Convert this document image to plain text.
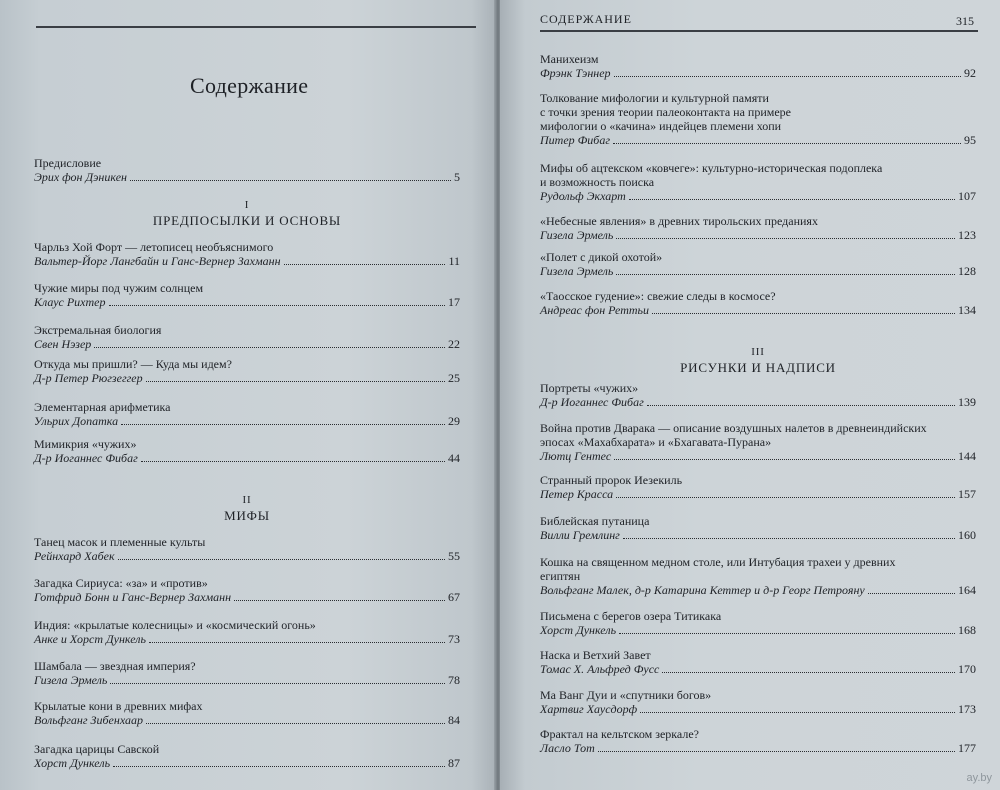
Содержание
Предисловие
Эрих фон Дэникен	5
I
ПРЕДПОСЫЛКИ И ОСНОВЫ
Чарльз Хой Форт — летописец необъяснимого
Вальтер-Йорг Лангбайн и Ганс-Вернер Захманн	11
Чужие миры под чужим солнцем
Клаус Рихтер	17
Экстремальная биология
Свен Нэзер	22
Откуда мы пришли? — Куда мы идем?
Д-р Петер Рюгзеггер	25
Элементарная арифметика
Ульрих Допатка	29
Мимикрия «чужих»
Д-р Иоганнес Фибаг	44
II
МИФЫ
Танец масок и племенные культы
Рейнхард Хабек	55
Загадка Сириуса: «за» и «против»
Готфрид Бонн и Ганс-Вернер Захманн	67
Индия: «крылатые колесницы» и «космический огонь»
Анке и Хорст Дункель	73
Шамбала — звездная империя?
Гизела Эрмель	78
Крылатые кони в древних мифах
Вольфганг Зибенхаар	84
Загадка царицы Савской
Хорст Дункель	87
СОДЕРЖАНИЕ	315
Манихеизм
Фрэнк Тэннер	92
Толкование мифологии и культурной памяти
с точки зрения теории палеоконтакта на примере
мифологии о «качина» индейцев племени хопи
Питер Фибаг	95
Мифы об ацтекском «ковчеге»: культурно-историческая подоплека
и возможность поиска
Рудольф Экхарт	107
«Небесные явления» в древних тирольских преданиях
Гизела Эрмель	123
«Полет с дикой охотой»
Гизела Эрмель	128
«Таосское гудение»: свежие следы в космосе?
Андреас фон Реттьи	134
III
РИСУНКИ И НАДПИСИ
Портреты «чужих»
Д-р Иоганнес Фибаг	139
Война против Дварака — описание воздушных налетов в древнеиндийских
эпосах «Махабхарата» и «Бхагавата-Пурана»
Лютц Гентес	144
Странный пророк Иезекиль
Петер Красса	157
Библейская путаница
Вилли Гремлинг	160
Кошка на священном медном столе, или Интубация трахеи у древних
египтян
Вольфганг Малек, д-р Катарина Кеттер и д-р Георг Петрояну	164
Письмена с берегов озера Титикака
Хорст Дункель	168
Наска и Ветхий Завет
Томас Х. Альфред Фусс	170
Ма Ванг Дуи и «спутники богов»
Хартвиг Хаусдорф	173
Фрактал на кельтском зеркале?
Ласло Тот	177
ay.by
